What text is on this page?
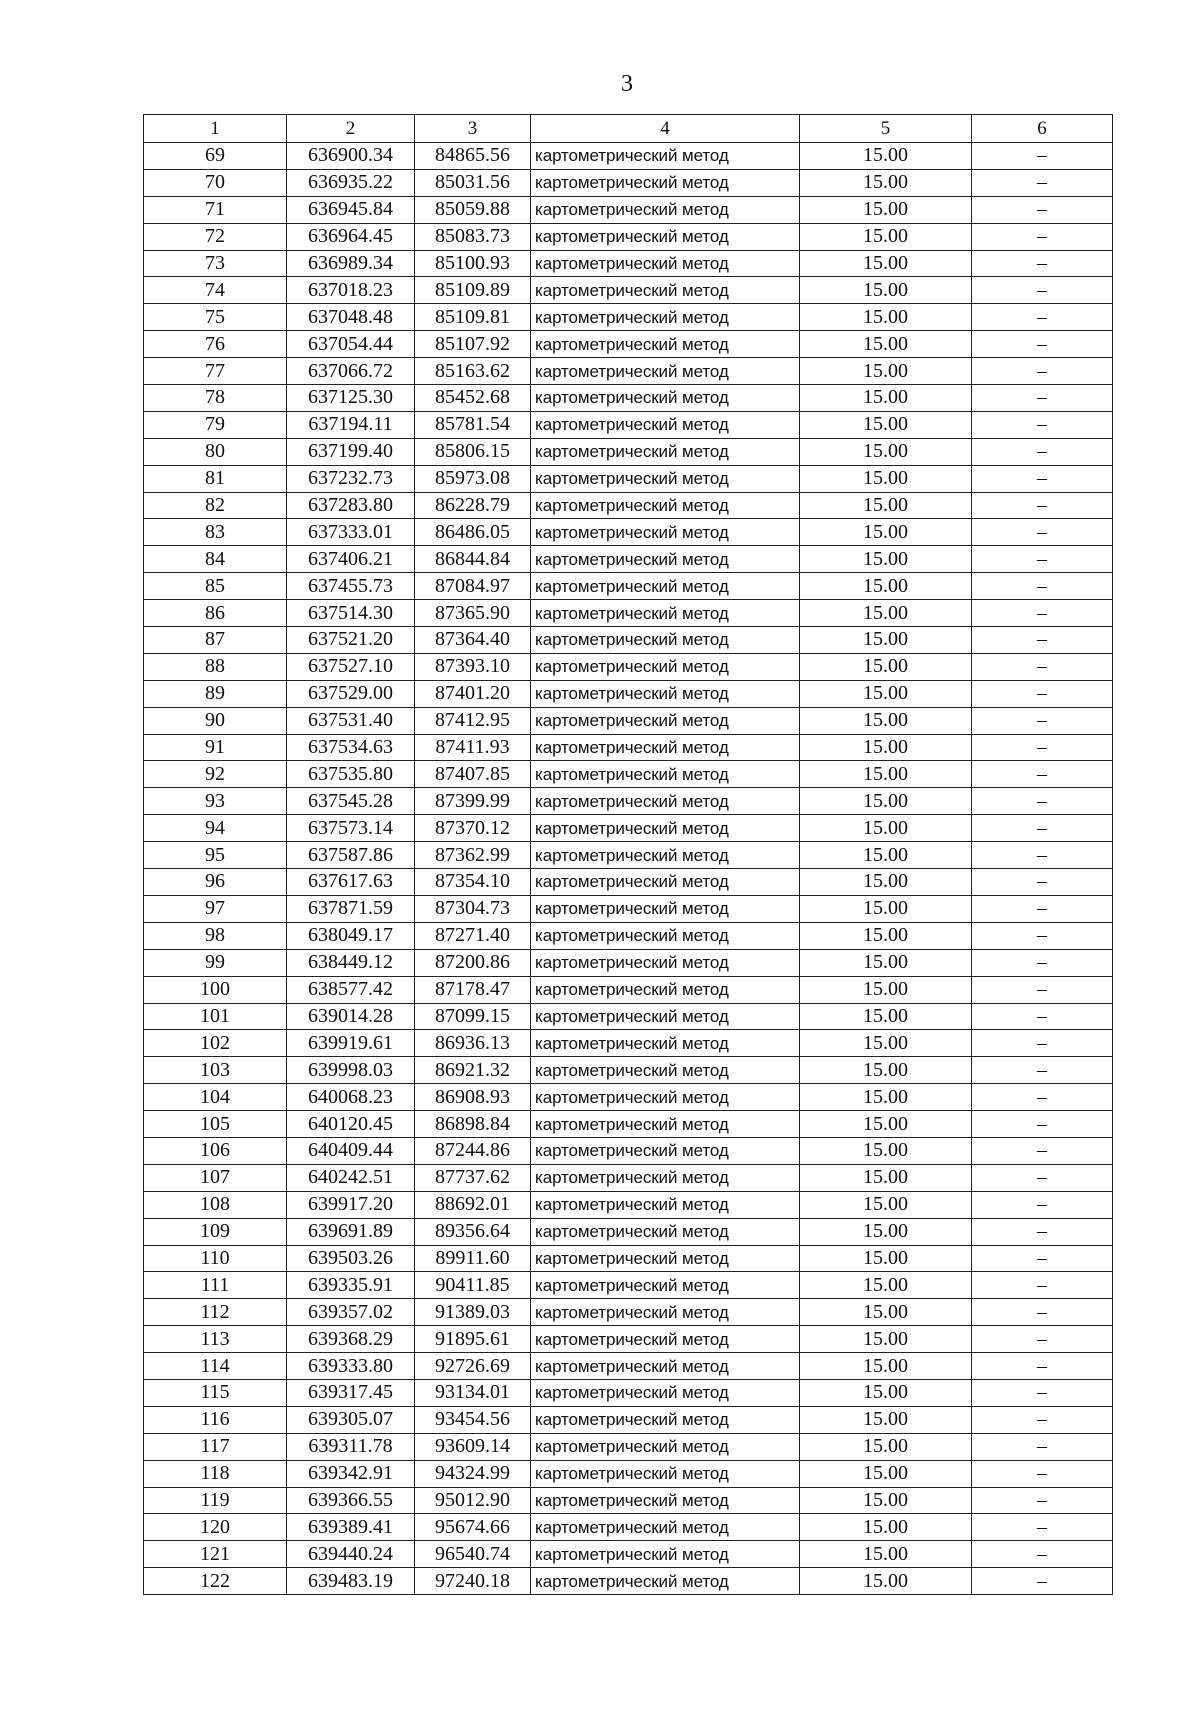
3
1	2	3	4	5	6
69	636900.34	84865.56	картометрический метод	15.00	–
70	636935.22	85031.56	картометрический метод	15.00	–
71	636945.84	85059.88	картометрический метод	15.00	–
72	636964.45	85083.73	картометрический метод	15.00	–
73	636989.34	85100.93	картометрический метод	15.00	–
74	637018.23	85109.89	картометрический метод	15.00	–
75	637048.48	85109.81	картометрический метод	15.00	–
76	637054.44	85107.92	картометрический метод	15.00	–
77	637066.72	85163.62	картометрический метод	15.00	–
78	637125.30	85452.68	картометрический метод	15.00	–
79	637194.11	85781.54	картометрический метод	15.00	–
80	637199.40	85806.15	картометрический метод	15.00	–
81	637232.73	85973.08	картометрический метод	15.00	–
82	637283.80	86228.79	картометрический метод	15.00	–
83	637333.01	86486.05	картометрический метод	15.00	–
84	637406.21	86844.84	картометрический метод	15.00	–
85	637455.73	87084.97	картометрический метод	15.00	–
86	637514.30	87365.90	картометрический метод	15.00	–
87	637521.20	87364.40	картометрический метод	15.00	–
88	637527.10	87393.10	картометрический метод	15.00	–
89	637529.00	87401.20	картометрический метод	15.00	–
90	637531.40	87412.95	картометрический метод	15.00	–
91	637534.63	87411.93	картометрический метод	15.00	–
92	637535.80	87407.85	картометрический метод	15.00	–
93	637545.28	87399.99	картометрический метод	15.00	–
94	637573.14	87370.12	картометрический метод	15.00	–
95	637587.86	87362.99	картометрический метод	15.00	–
96	637617.63	87354.10	картометрический метод	15.00	–
97	637871.59	87304.73	картометрический метод	15.00	–
98	638049.17	87271.40	картометрический метод	15.00	–
99	638449.12	87200.86	картометрический метод	15.00	–
100	638577.42	87178.47	картометрический метод	15.00	–
101	639014.28	87099.15	картометрический метод	15.00	–
102	639919.61	86936.13	картометрический метод	15.00	–
103	639998.03	86921.32	картометрический метод	15.00	–
104	640068.23	86908.93	картометрический метод	15.00	–
105	640120.45	86898.84	картометрический метод	15.00	–
106	640409.44	87244.86	картометрический метод	15.00	–
107	640242.51	87737.62	картометрический метод	15.00	–
108	639917.20	88692.01	картометрический метод	15.00	–
109	639691.89	89356.64	картометрический метод	15.00	–
110	639503.26	89911.60	картометрический метод	15.00	–
111	639335.91	90411.85	картометрический метод	15.00	–
112	639357.02	91389.03	картометрический метод	15.00	–
113	639368.29	91895.61	картометрический метод	15.00	–
114	639333.80	92726.69	картометрический метод	15.00	–
115	639317.45	93134.01	картометрический метод	15.00	–
116	639305.07	93454.56	картометрический метод	15.00	–
117	639311.78	93609.14	картометрический метод	15.00	–
118	639342.91	94324.99	картометрический метод	15.00	–
119	639366.55	95012.90	картометрический метод	15.00	–
120	639389.41	95674.66	картометрический метод	15.00	–
121	639440.24	96540.74	картометрический метод	15.00	–
122	639483.19	97240.18	картометрический метод	15.00	–
